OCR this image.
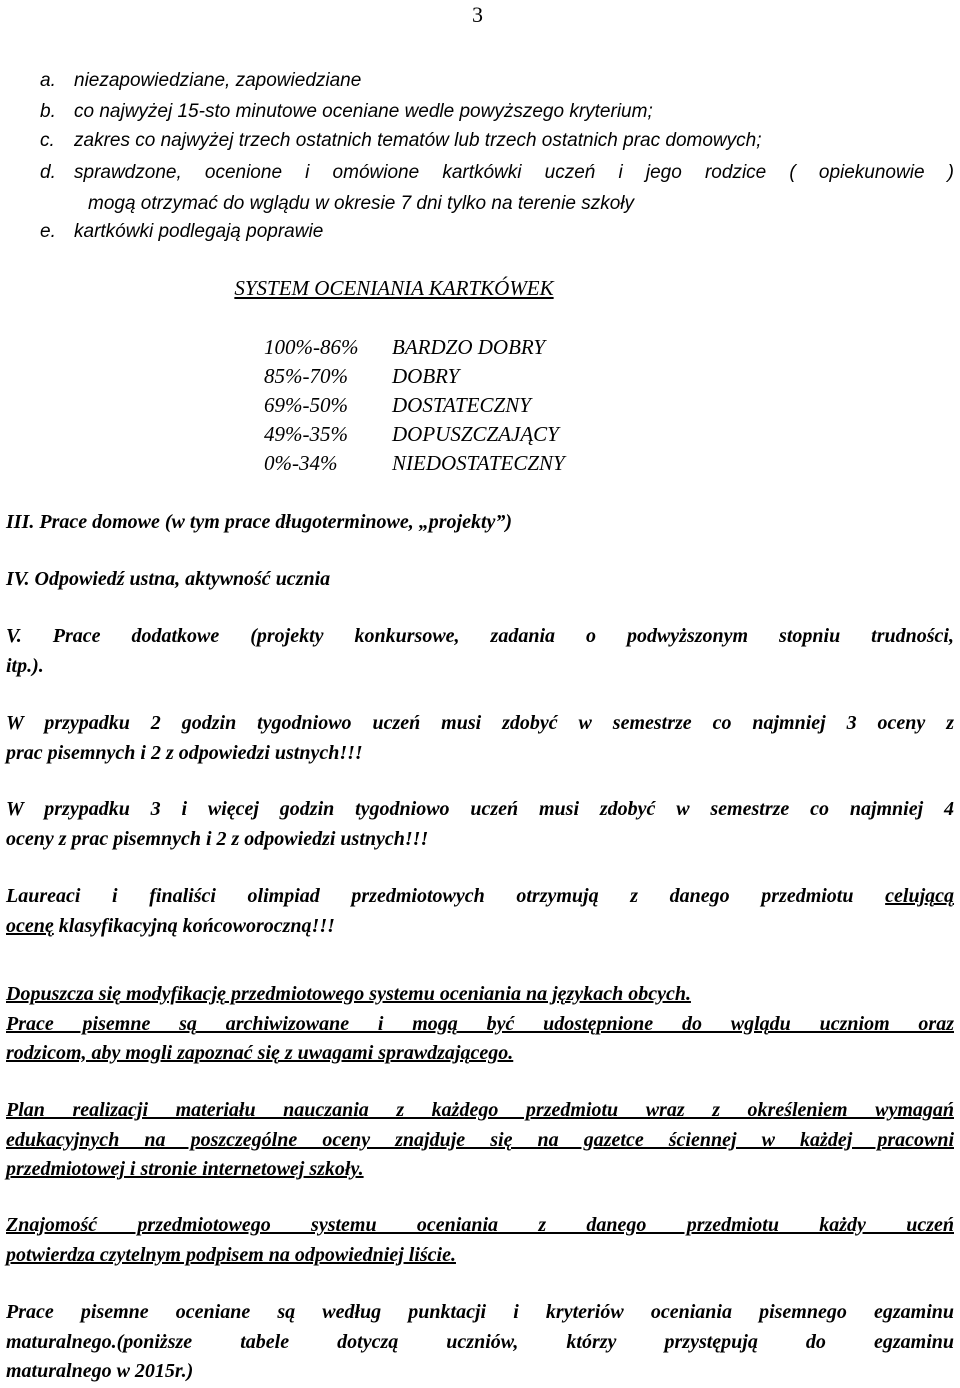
3
a. niezapowiedziane, zapowiedziane
b. co najwyżej 15-sto minutowe oceniane wedle powyższego kryterium;
c. zakres co najwyżej trzech ostatnich tematów lub trzech ostatnich prac domowych;
d. sprawdzone, ocenione i omówione kartkówki uczeń i jego rodzice ( opiekunowie )
mogą otrzymać do wglądu w okresie 7 dni tylko na terenie szkoły
e. kartkówki podlegają poprawie
SYSTEM OCENIANIA KARTKÓWEK
100%-86% BARDZO DOBRY
85%-70% DOBRY
69%-50% DOSTATECZNY
49%-35% DOPUSZCZAJĄCY
0%-34%	NIEDOSTATECZNY
III. Prace domowe (w tym prace długoterminowe, „projekty”)
IV. Odpowiedź ustna, aktywność ucznia
V. Prace dodatkowe (projekty konkursowe, zadania o podwyższonym stopniu trudności,
itp.).
W przypadku 2 godzin tygodniowo uczeń musi zdobyć w semestrze co najmniej 3 oceny z
prac pisemnych i 2 z odpowiedzi ustnych!!!
W przypadku 3 i więcej godzin tygodniowo uczeń musi zdobyć w semestrze co najmniej 4
oceny z prac pisemnych i 2 z odpowiedzi ustnych!!!
Laureaci i finaliści olimpiad przedmiotowych otrzymują z danego przedmiotu celującą
ocenę klasyfikacyjną końcoworoczną!!!
Dopuszcza się modyfikację przedmiotowego systemu oceniania na językach obcych.
Prace pisemne są archiwizowane i mogą być udostępnione do wglądu uczniom oraz
rodzicom, aby mogli zapoznać się z uwagami sprawdzającego.
Plan realizacji materiału nauczania z każdego przedmiotu wraz z określeniem wymagań
edukacyjnych na poszczególne oceny znajduje się na gazetce ściennej w każdej pracowni
przedmiotowej i stronie internetowej szkoły.
Znajomość przedmiotowego systemu oceniania z danego przedmiotu każdy uczeń
potwierdza czytelnym podpisem na odpowiedniej liście.
Prace pisemne oceniane są według punktacji i kryteriów oceniania pisemnego egzaminu
maturalnego.(poniższe tabele dotyczą uczniów, którzy przystępują do egzaminu
maturalnego w 2015r.)
